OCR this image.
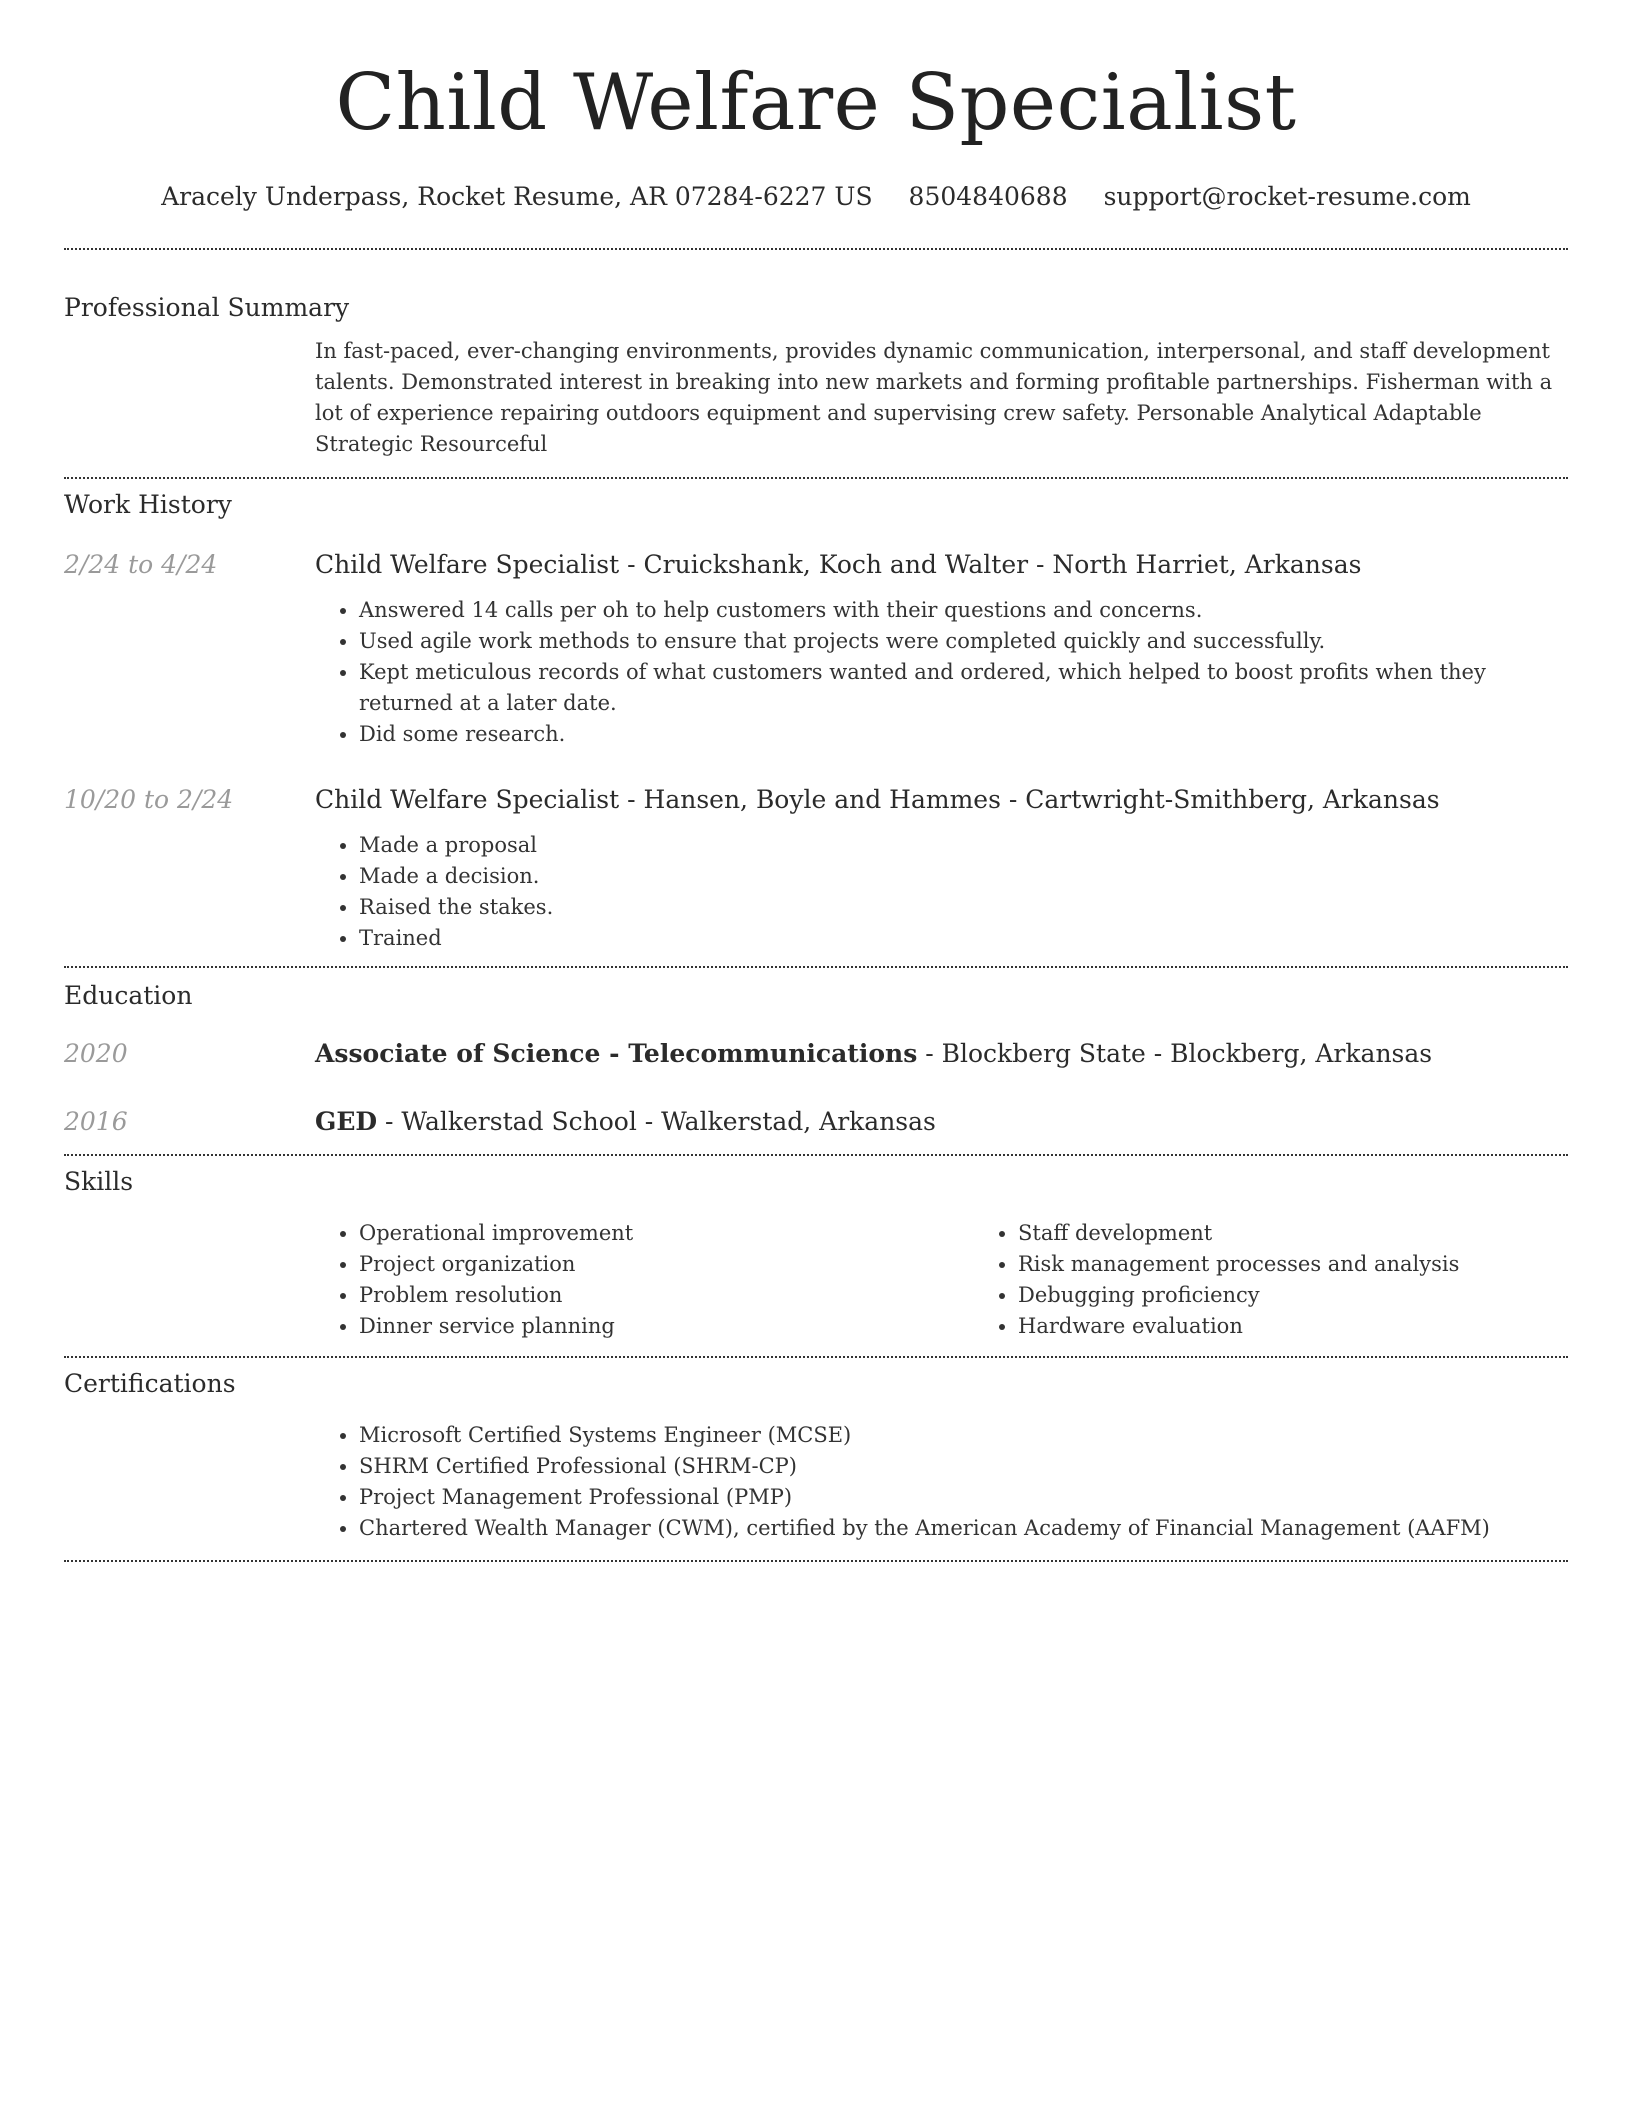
Child Welfare Specialist
Aracely Underpass, Rocket Resume, AR 07284-6227 US 8504840688 support@rocket-resume.com
Professional Summary
In fast-paced, ever-changing environments, provides dynamic communication, interpersonal, and staff development talents. Demonstrated interest in breaking into new markets and forming profitable partnerships. Fisherman with a lot of experience repairing outdoors equipment and supervising crew safety. Personable Analytical Adaptable Strategic Resourceful
Work History
2/24 to 4/24	Child Welfare Specialist - Cruickshank, Koch and Walter - North Harriet, Arkansas
• Answered 14 calls per oh to help customers with their questions and concerns.
• Used agile work methods to ensure that projects were completed quickly and successfully.
• Kept meticulous records of what customers wanted and ordered, which helped to boost profits when they returned at a later date.
• Did some research.
10/20 to 2/24	Child Welfare Specialist - Hansen, Boyle and Hammes - Cartwright-Smithberg, Arkansas
• Made a proposal
• Made a decision.
• Raised the stakes.
• Trained
Education
2020	Associate of Science - Telecommunications - Blockberg State - Blockberg, Arkansas
2016	GED - Walkerstad School - Walkerstad, Arkansas
Skills
• Operational improvement
• Project organization
• Problem resolution
• Dinner service planning
• Staff development
• Risk management processes and analysis
• Debugging proficiency
• Hardware evaluation
Certifications
• Microsoft Certified Systems Engineer (MCSE)
• SHRM Certified Professional (SHRM-CP)
• Project Management Professional (PMP)
• Chartered Wealth Manager (CWM), certified by the American Academy of Financial Management (AAFM)
